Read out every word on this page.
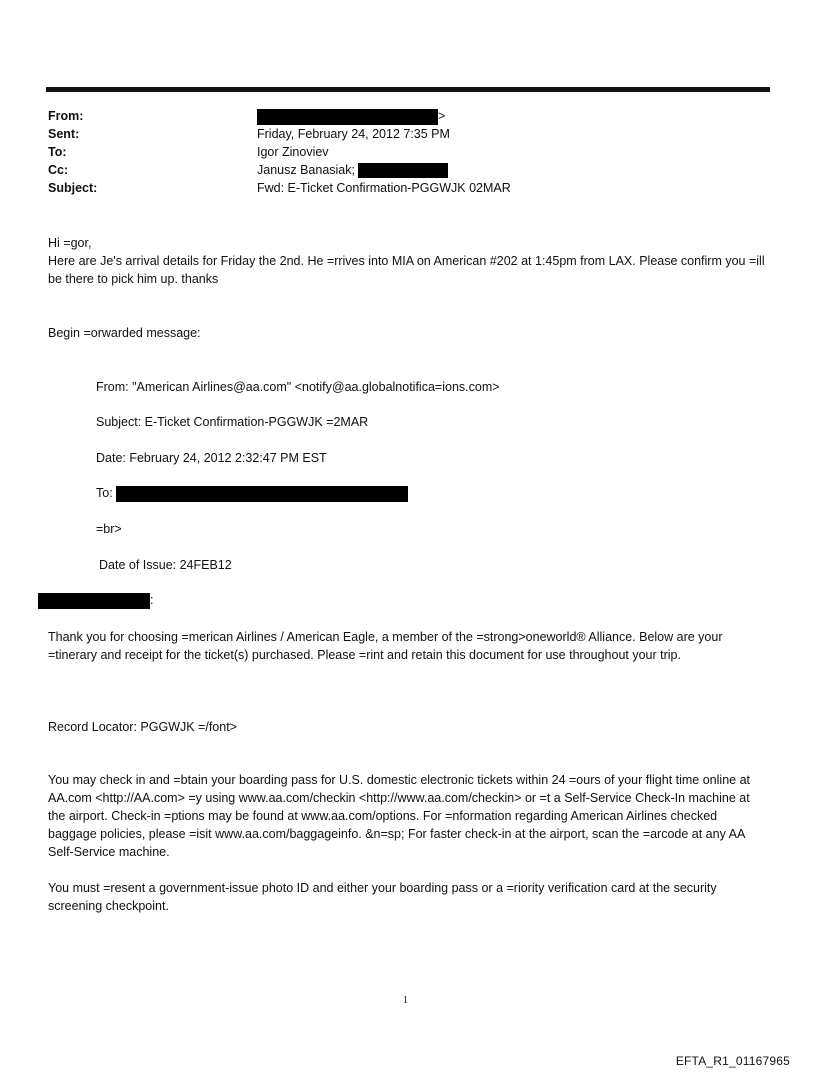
From:	>
Sent:	Friday, February 24, 2012 7:35 PM
To:	Igor Zinoviev
Cc:	Janusz Banasiak;
Subject:	Fwd: E-Ticket Confirmation-PGGWJK 02MAR
Hi =gor,
Here are Je's arrival details for Friday the 2nd. He =rrives into MIA on American #202 at 1:45pm from LAX. Please confirm you =ill be there to pick him up. thanks
Begin =orwarded message:
From: "American Airlines@aa.com" <notify@aa.globalnotifica=ions.com>
Subject: E-Ticket Confirmation-PGGWJK =2MAR
Date: February 24, 2012 2:32:47 PM EST
To:
=br>
Date of Issue: 24FEB12
:
Thank you for choosing =merican Airlines / American Eagle, a member of the =strong>oneworld® Alliance. Below are your =tinerary and receipt for the ticket(s) purchased. Please =rint and retain this document for use throughout your trip.
Record Locator: PGGWJK =/font>
You may check in and =btain your boarding pass for U.S. domestic electronic tickets within 24 =ours of your flight time online at AA.com <http://AA.com> =y using www.aa.com/checkin <http://www.aa.com/checkin> or =t a Self-Service Check-In machine at the airport. Check-in =ptions may be found at www.aa.com/options. For =nformation regarding American Airlines checked baggage policies, please =isit www.aa.com/baggageinfo. &n=sp; For faster check-in at the airport, scan the =arcode at any AA Self-Service machine.
You must =resent a government-issue photo ID and either your boarding pass or a =riority verification card at the security screening checkpoint.
1
EFTA_R1_01167965
